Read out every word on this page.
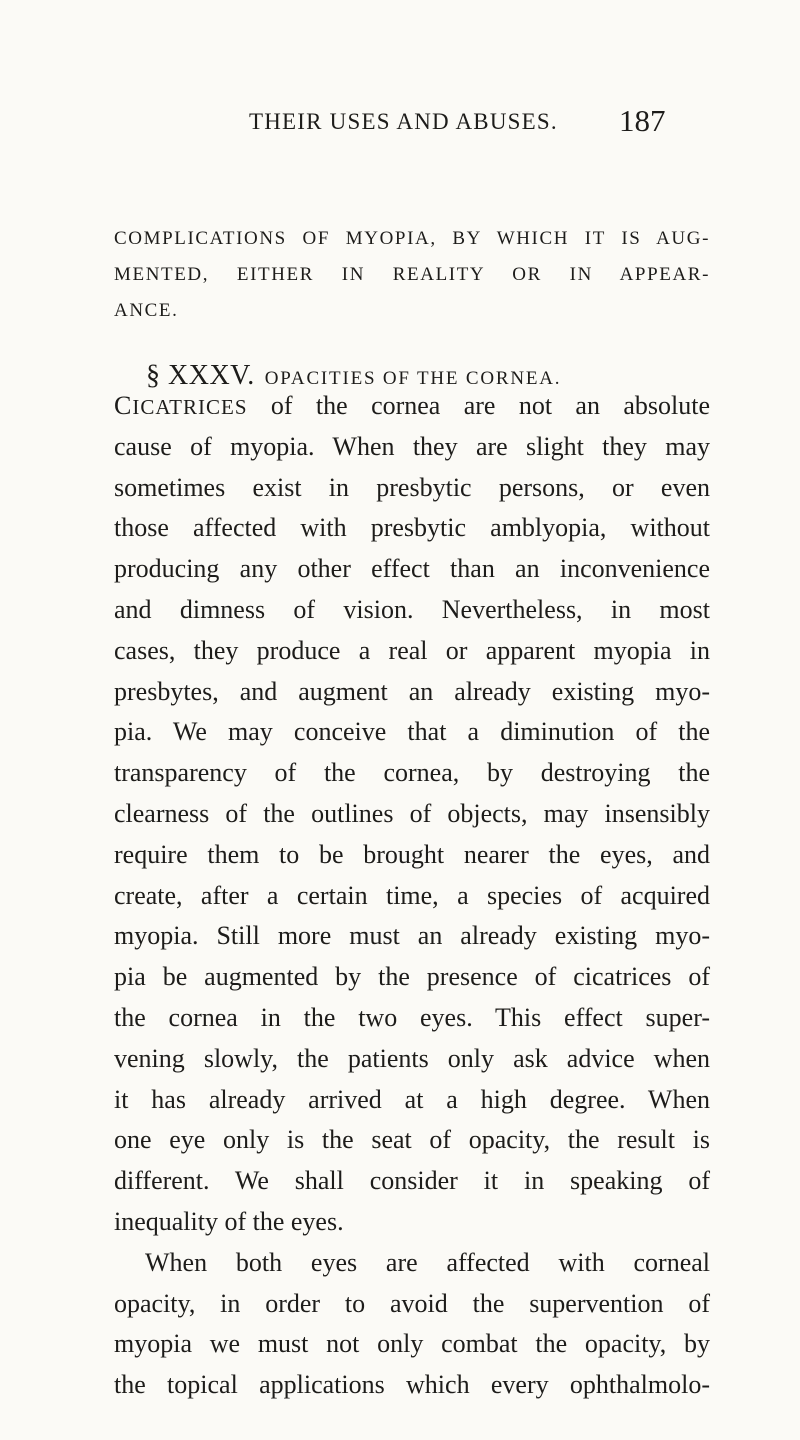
THEIR USES AND ABUSES. 187
COMPLICATIONS OF MYOPIA, BY WHICH IT IS AUG-
MENTED, EITHER IN REALITY OR IN APPEAR-
ANCE.
§ XXXV. OPACITIES OF THE CORNEA.
CICATRICES of the cornea are not an absolute
cause of myopia. When they are slight they may
sometimes exist in presbytic persons, or even
those affected with presbytic amblyopia, without
producing any other effect than an inconvenience
and dimness of vision. Nevertheless, in most
cases, they produce a real or apparent myopia in
presbytes, and augment an already existing myo-
pia. We may conceive that a diminution of the
transparency of the cornea, by destroying the
clearness of the outlines of objects, may insensibly
require them to be brought nearer the eyes, and
create, after a certain time, a species of acquired
myopia. Still more must an already existing myo-
pia be augmented by the presence of cicatrices of
the cornea in the two eyes. This effect super-
vening slowly, the patients only ask advice when
it has already arrived at a high degree. When
one eye only is the seat of opacity, the result is
different. We shall consider it in speaking of
inequality of the eyes.
When both eyes are affected with corneal
opacity, in order to avoid the supervention of
myopia we must not only combat the opacity, by
the topical applications which every ophthalmolo-
